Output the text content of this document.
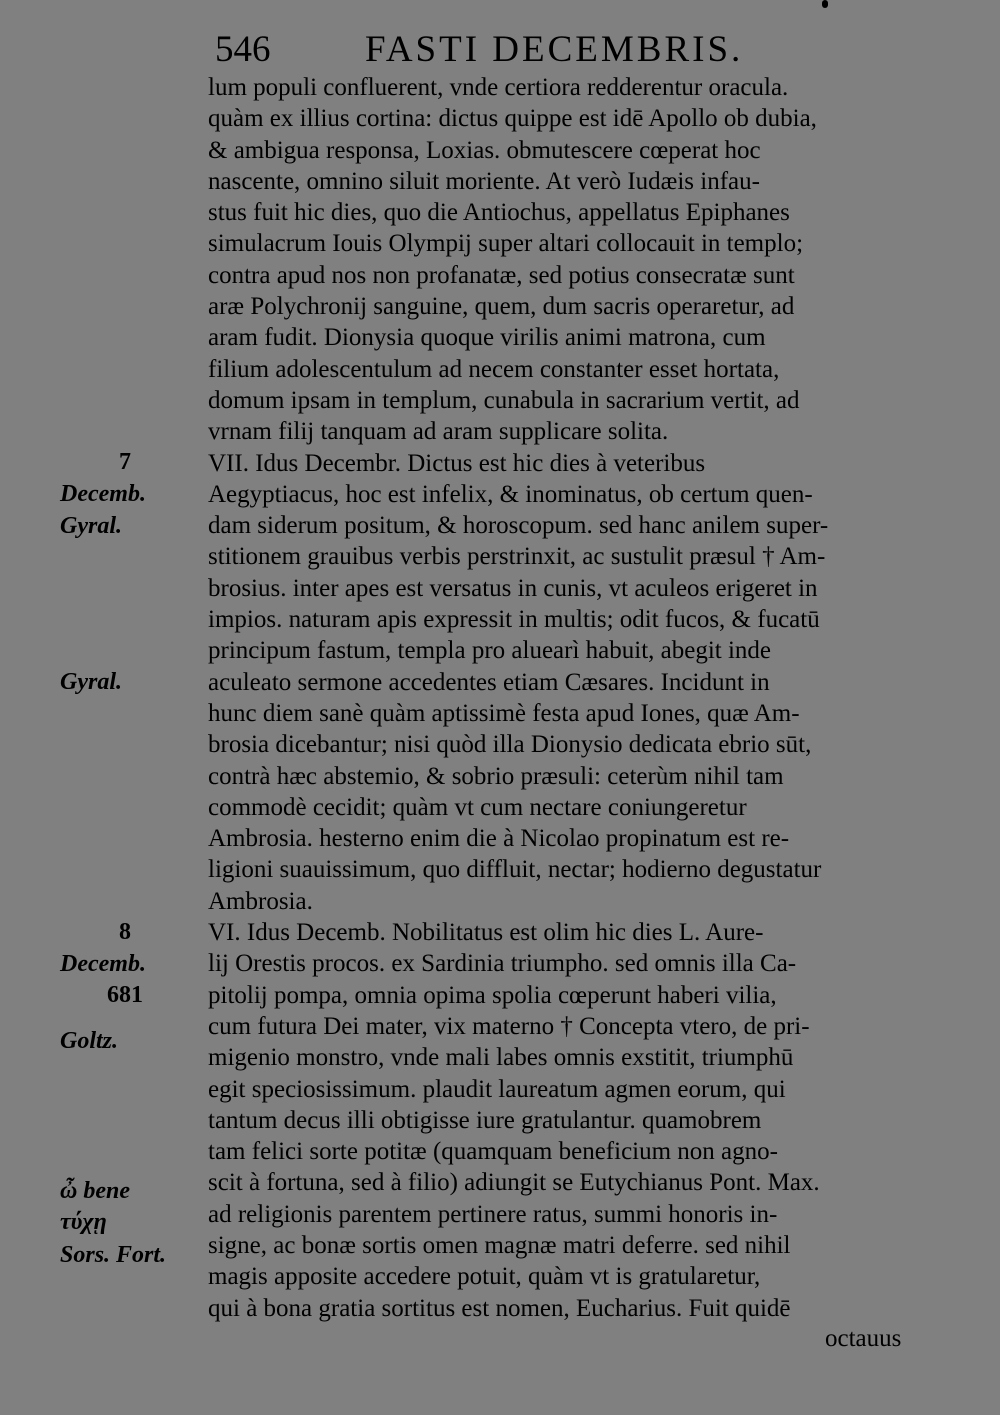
546	FASTI DECEMBRIS.
lum populi confluerent, vnde certiora redderentur oracula.
quàm ex illius cortina: dictus quippe est idē Apollo ob dubia,
& ambigua responsa, Loxias. obmutescere cœperat hoc
nascente, omnino siluit moriente. At verò Iudæis infau-
stus fuit hic dies, quo die Antiochus, appellatus Epiphanes
simulacrum Iouis Olympij super altari collocauit in templo;
contra apud nos non profanatæ, sed potius consecratæ sunt
aræ Polychronij sanguine, quem, dum sacris operaretur, ad
aram fudit. Dionysia quoque virilis animi matrona, cum
filium adolescentulum ad necem constanter esset hortata,
domum ipsam in templum, cunabula in sacrarium vertit, ad
vrnam filij tanquam ad aram supplicare solita.
VII. Idus Decembr. Dictus est hic dies à veteribus
Aegyptiacus, hoc est infelix, & inominatus, ob certum quen-
dam siderum positum, & horoscopum. sed hanc anilem super-
stitionem grauibus verbis perstrinxit, ac sustulit præsul † Am-
brosius. inter apes est versatus in cunis, vt aculeos erigeret in
impios. naturam apis expressit in multis; odit fucos, & fucatū
principum fastum, templa pro aluearì habuit, abegit inde
aculeato sermone accedentes etiam Cæsares. Incidunt in
hunc diem sanè quàm aptissimè festa apud Iones, quæ Am-
brosia dicebantur; nisi quòd illa Dionysio dedicata ebrio sūt,
contrà hæc abstemio, & sobrio præsuli: ceterùm nihil tam
commodè cecidit; quàm vt cum nectare coniungeretur
Ambrosia. hesterno enim die à Nicolao propinatum est re-
ligioni suauissimum, quo diffluit, nectar; hodierno degustatur
Ambrosia.
VI. Idus Decemb. Nobilitatus est olim hic dies L. Aure-
lij Orestis procos. ex Sardinia triumpho. sed omnis illa Ca-
pitolij pompa, omnia opima spolia cœperunt haberi vilia,
cum futura Dei mater, vix materno † Concepta vtero, de pri-
migenio monstro, vnde mali labes omnis exstitit, triumphū
egit speciosissimum. plaudit laureatum agmen eorum, qui
tantum decus illi obtigisse iure gratulantur. quamobrem
tam felici sorte potitæ (quamquam beneficium non agno-
scit à fortuna, sed à filio) adiungit se Eutychianus Pont. Max.
ad religionis parentem pertinere ratus, summi honoris in-
signe, ac bonæ sortis omen magnæ matri deferre. sed nihil
magis apposite accedere potuit, quàm vt is gratularetur,
qui à bona gratia sortitus est nomen, Eucharius. Fuit quidē
7
Decemb.
Gyral.
Gyral.
8
Decemb.
681
Goltz.
ὦ bene
τύχῃ
Sors. Fort.
octauus
